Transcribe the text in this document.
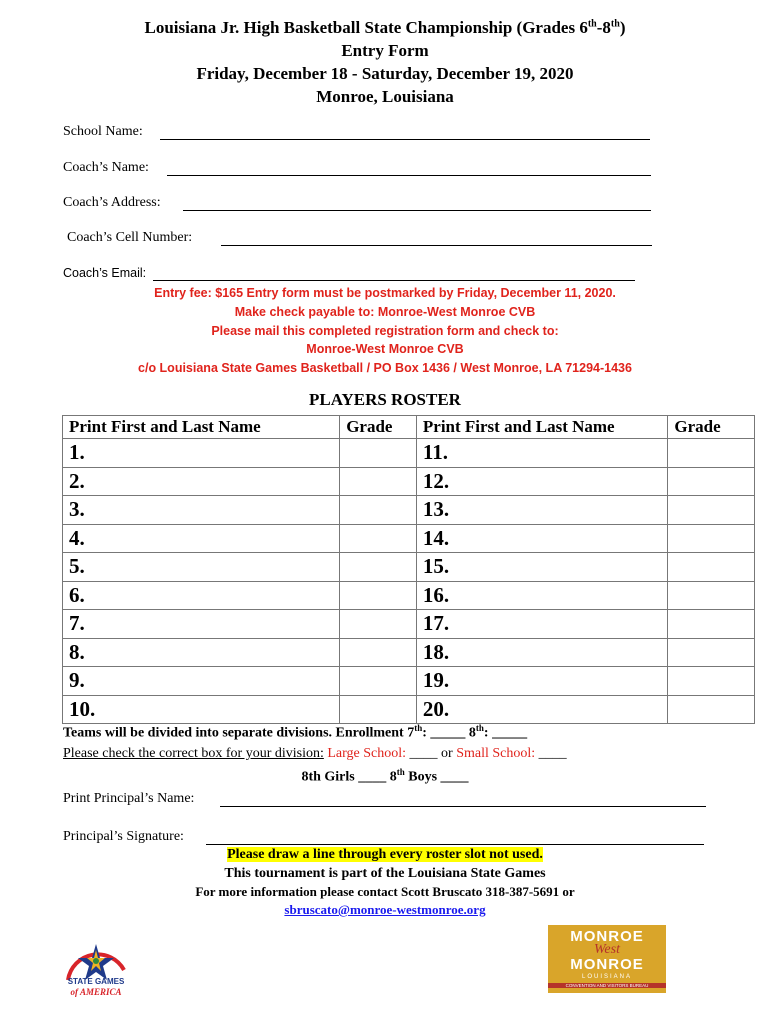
Louisiana Jr. High Basketball State Championship (Grades 6th-8th)
Entry Form
Friday, December 18 - Saturday, December 19, 2020
Monroe, Louisiana
School Name:
Coach’s Name:
Coach’s Address:
Coach’s Cell Number:
Coach’s Email:
Entry fee: $165 Entry form must be postmarked by Friday, December 11, 2020.
Make check payable to: Monroe-West Monroe CVB
Please mail this completed registration form and check to:
Monroe-West Monroe CVB
c/o Louisiana State Games Basketball / PO Box 1436 / West Monroe, LA 71294-1436
PLAYERS ROSTER
Print First and Last Name	Grade	Print First and Last Name	Grade
1.		11.	
2.		12.	
3.		13.	
4.		14.	
5.		15.	
6.		16.	
7.		17.	
8.		18.	
9.		19.	
10.		20.	
Teams will be divided into separate divisions. Enrollment 7th: _____ 8th: _____
Please check the correct box for your division: Large School: ____ or Small School: ____
8th Girls ____ 8th Boys ____
Print Principal’s Name:
Principal’s Signature:
Please draw a line through every roster slot not used.
This tournament is part of the Louisiana State Games
For more information please contact Scott Bruscato 318-387-5691 or
sbruscato@monroe-westmonroe.org
STATE GAMES
of AMERICA
MONROE
West
MONROE
LOUISIANA
CONVENTION AND VISITORS BUREAU
